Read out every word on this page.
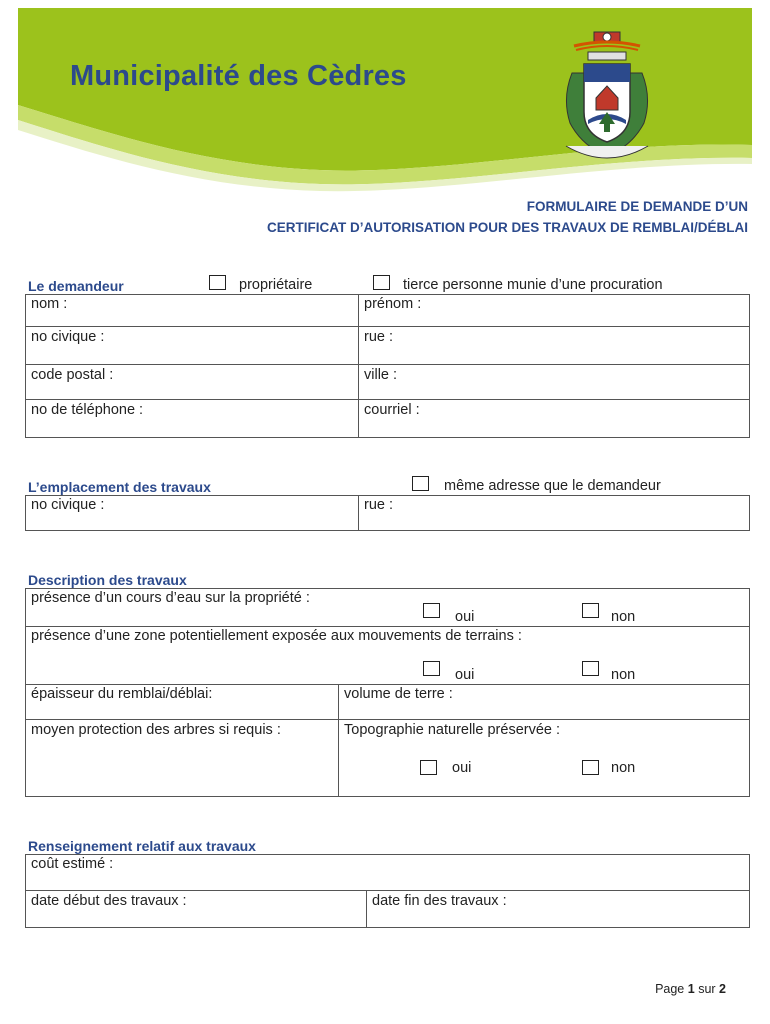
Municipalité des Cèdres
FORMULAIRE DE DEMANDE D’UN
CERTIFICAT D’AUTORISATION POUR DES TRAVAUX DE REMBLAI/DÉBLAI
Le demandeur	propriétaire	tierce personne munie d’une procuration
nom :	prénom :
no civique :	rue :
code postal :	ville :
no de téléphone :	courriel :
L’emplacement des travaux	même adresse que le demandeur
no civique :	rue :
Description des travaux
présence d’un cours d’eau sur la propriété :
oui	non
présence d’une zone potentiellement exposée aux mouvements de terrains :
oui	non
épaisseur du remblai/déblai:	volume de terre :
moyen protection des arbres si requis :	Topographie naturelle préservée :
oui	non
Renseignement relatif aux travaux
coût estimé :
date début des travaux :	date fin des travaux :
Page 1 sur 2
